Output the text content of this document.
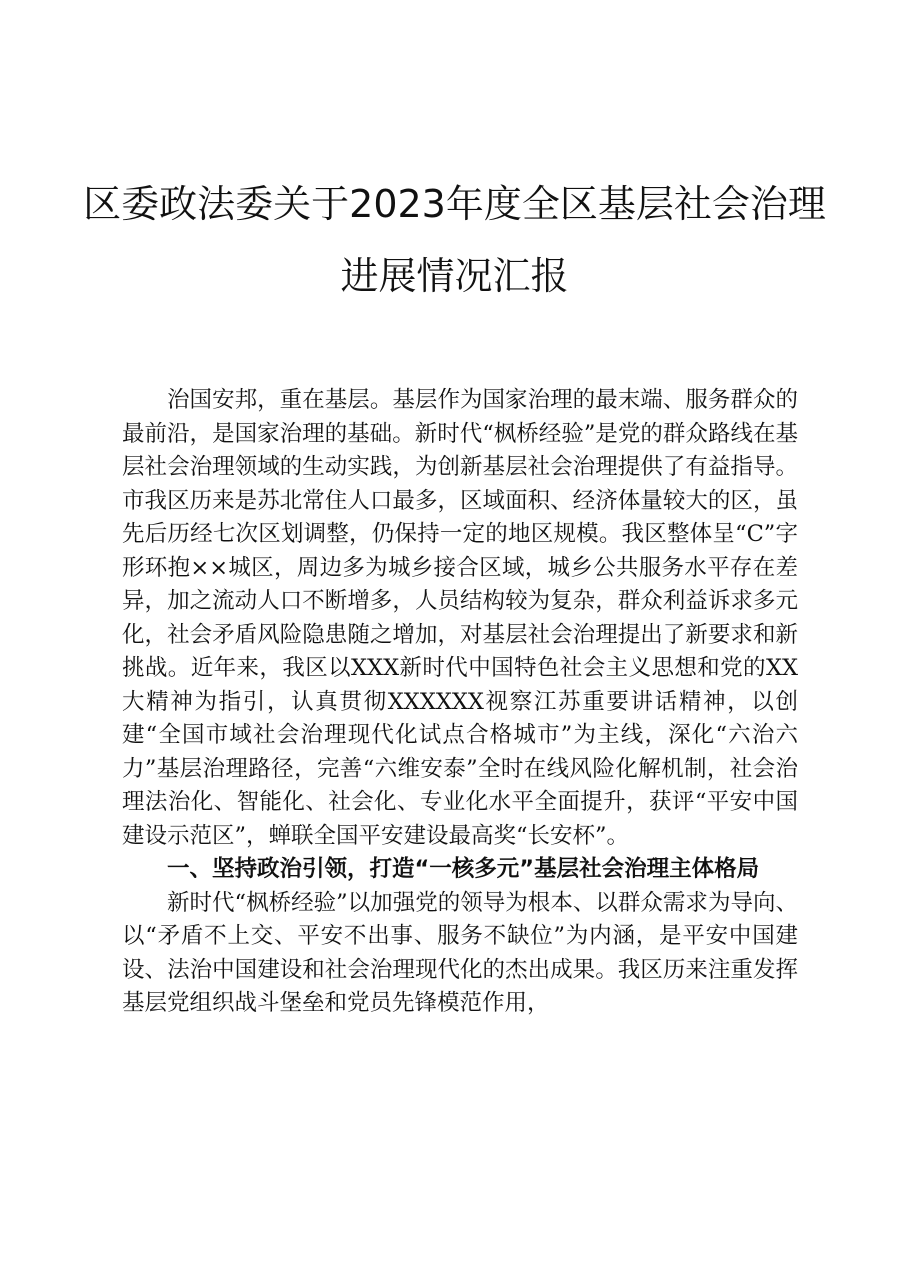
区委政法委关于2023年度全区基层社会治理
进展情况汇报

治国安邦，重在基层。基层作为国家治理的最末端、服务群众的最前沿，是国家治理的基础。新时代“枫桥经验”是党的群众路线在基层社会治理领域的生动实践，为创新基层社会治理提供了有益指导。市我区历来是苏北常住人口最多，区域面积、经济体量较大的区，虽先后历经七次区划调整，仍保持一定的地区规模。我区整体呈“C”字形环抱××城区，周边多为城乡接合区域，城乡公共服务水平存在差异，加之流动人口不断增多，人员结构较为复杂，群众利益诉求多元化，社会矛盾风险隐患随之增加，对基层社会治理提出了新要求和新挑战。近年来，我区以XXX新时代中国特色社会主义思想和党的XX大精神为指引，认真贯彻XXXXXX视察江苏重要讲话精神，以创建“全国市域社会治理现代化试点合格城市”为主线，深化“六治六力”基层治理路径，完善“六维安泰”全时在线风险化解机制，社会治理法治化、智能化、社会化、专业化水平全面提升，获评“平安中国建设示范区”，蝉联全国平安建设最高奖“长安杯”。

一、坚持政治引领，打造“一核多元”基层社会治理主体格局

新时代“枫桥经验”以加强党的领导为根本、以群众需求为导向、以“矛盾不上交、平安不出事、服务不缺位”为内涵，是平安中国建设、法治中国建设和社会治理现代化的杰出成果。我区历来注重发挥基层党组织战斗堡垒和党员先锋模范作用，
